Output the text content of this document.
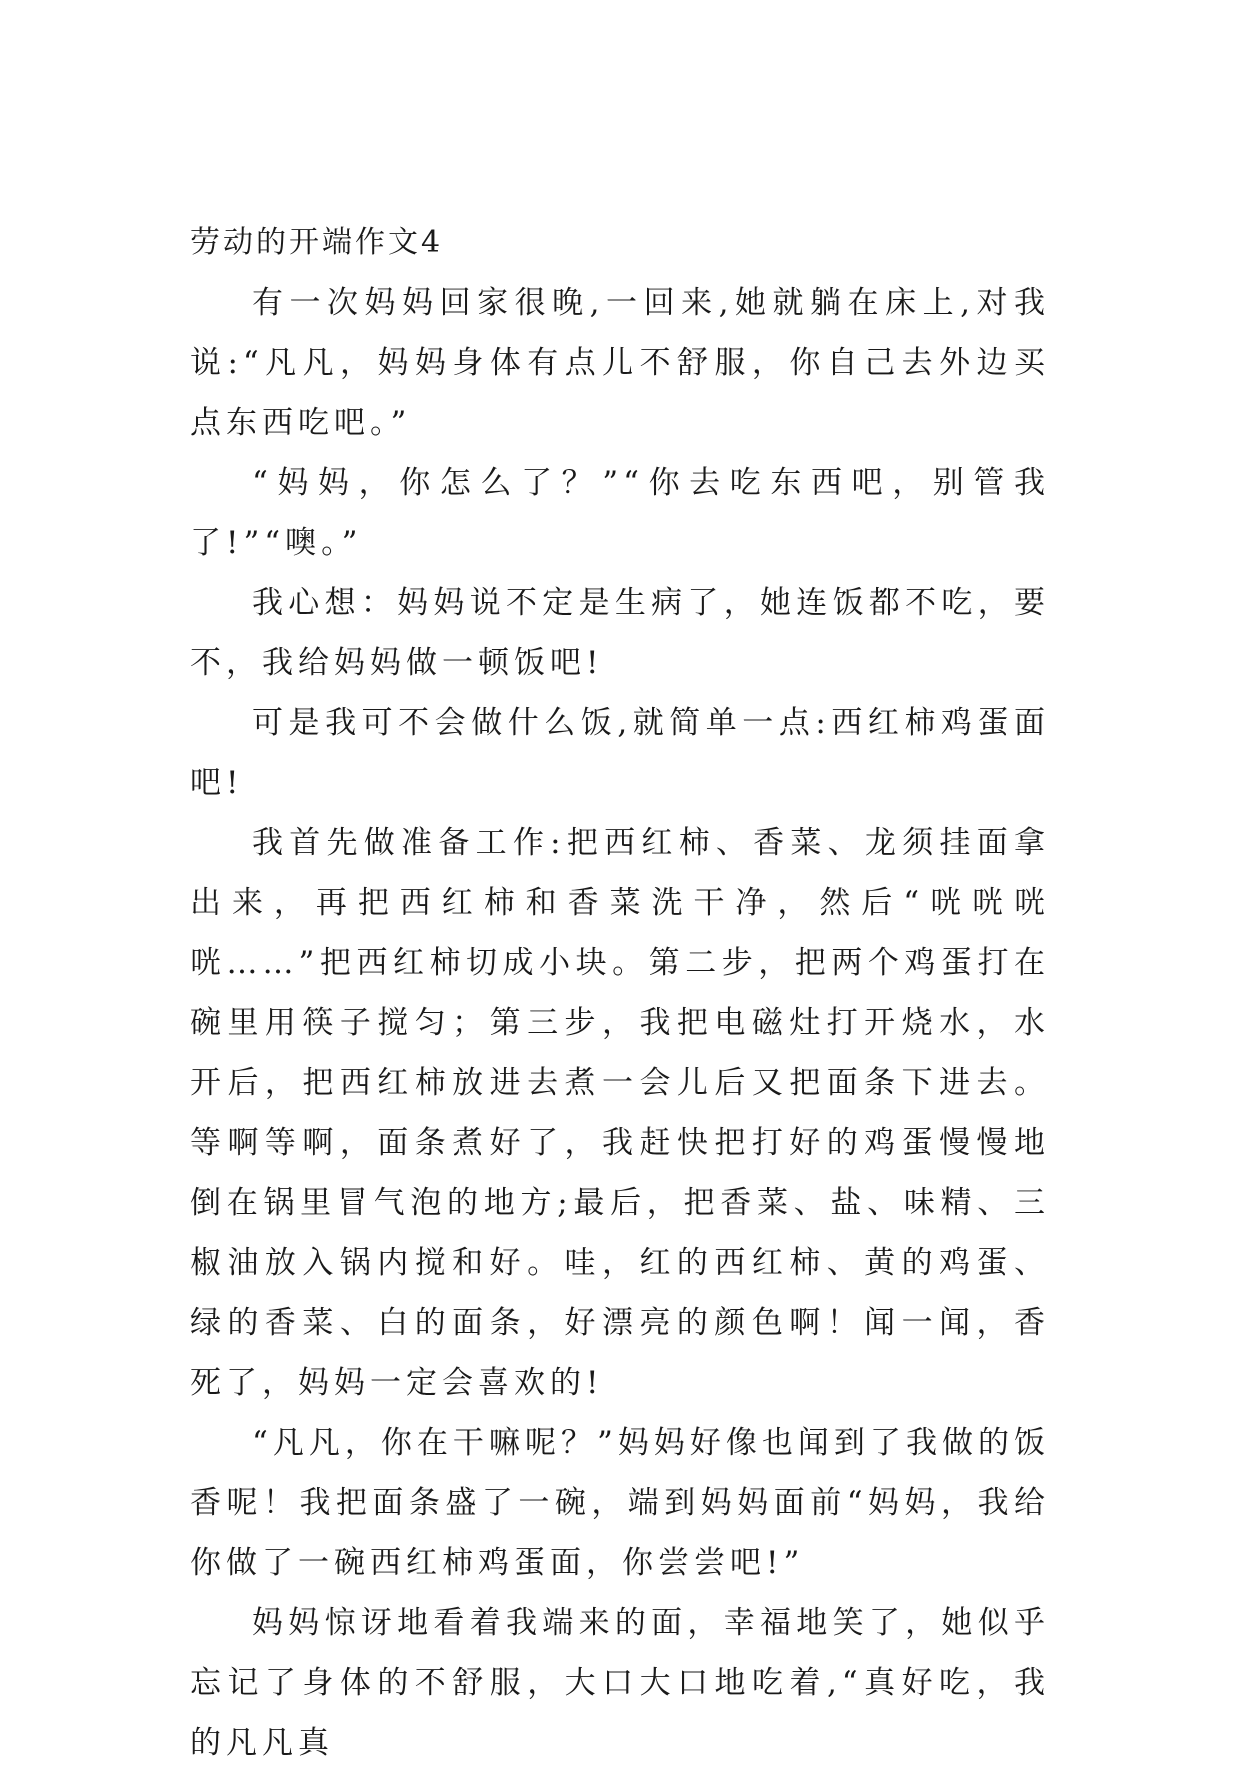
劳动的开端作文4

有一次妈妈回家很晚,一回来,她就躺在床上,对我说:“凡凡，妈妈身体有点儿不舒服，你自己去外边买点东西吃吧。”

“妈妈，你怎么了？”“你去吃东西吧，别管我了!”“噢。”

我心想：妈妈说不定是生病了，她连饭都不吃，要不，我给妈妈做一顿饭吧!

可是我可不会做什么饭,就简单一点:西红柿鸡蛋面吧!

我首先做准备工作:把西红柿、香菜、龙须挂面拿出来，再把西红柿和香菜洗干净，然后“咣咣咣咣……”把西红柿切成小块。第二步，把两个鸡蛋打在碗里用筷子搅匀；第三步，我把电磁灶打开烧水，水开后，把西红柿放进去煮一会儿后又把面条下进去。等啊等啊，面条煮好了，我赶快把打好的鸡蛋慢慢地倒在锅里冒气泡的地方;最后，把香菜、盐、味精、三椒油放入锅内搅和好。哇，红的西红柿、黄的鸡蛋、绿的香菜、白的面条，好漂亮的颜色啊！闻一闻，香死了，妈妈一定会喜欢的!

“凡凡，你在干嘛呢？”妈妈好像也闻到了我做的饭香呢！我把面条盛了一碗，端到妈妈面前“妈妈，我给你做了一碗西红柿鸡蛋面，你尝尝吧!”

妈妈惊讶地看着我端来的面，幸福地笑了，她似乎忘记了身体的不舒服，大口大口地吃着,“真好吃，我的凡凡真
